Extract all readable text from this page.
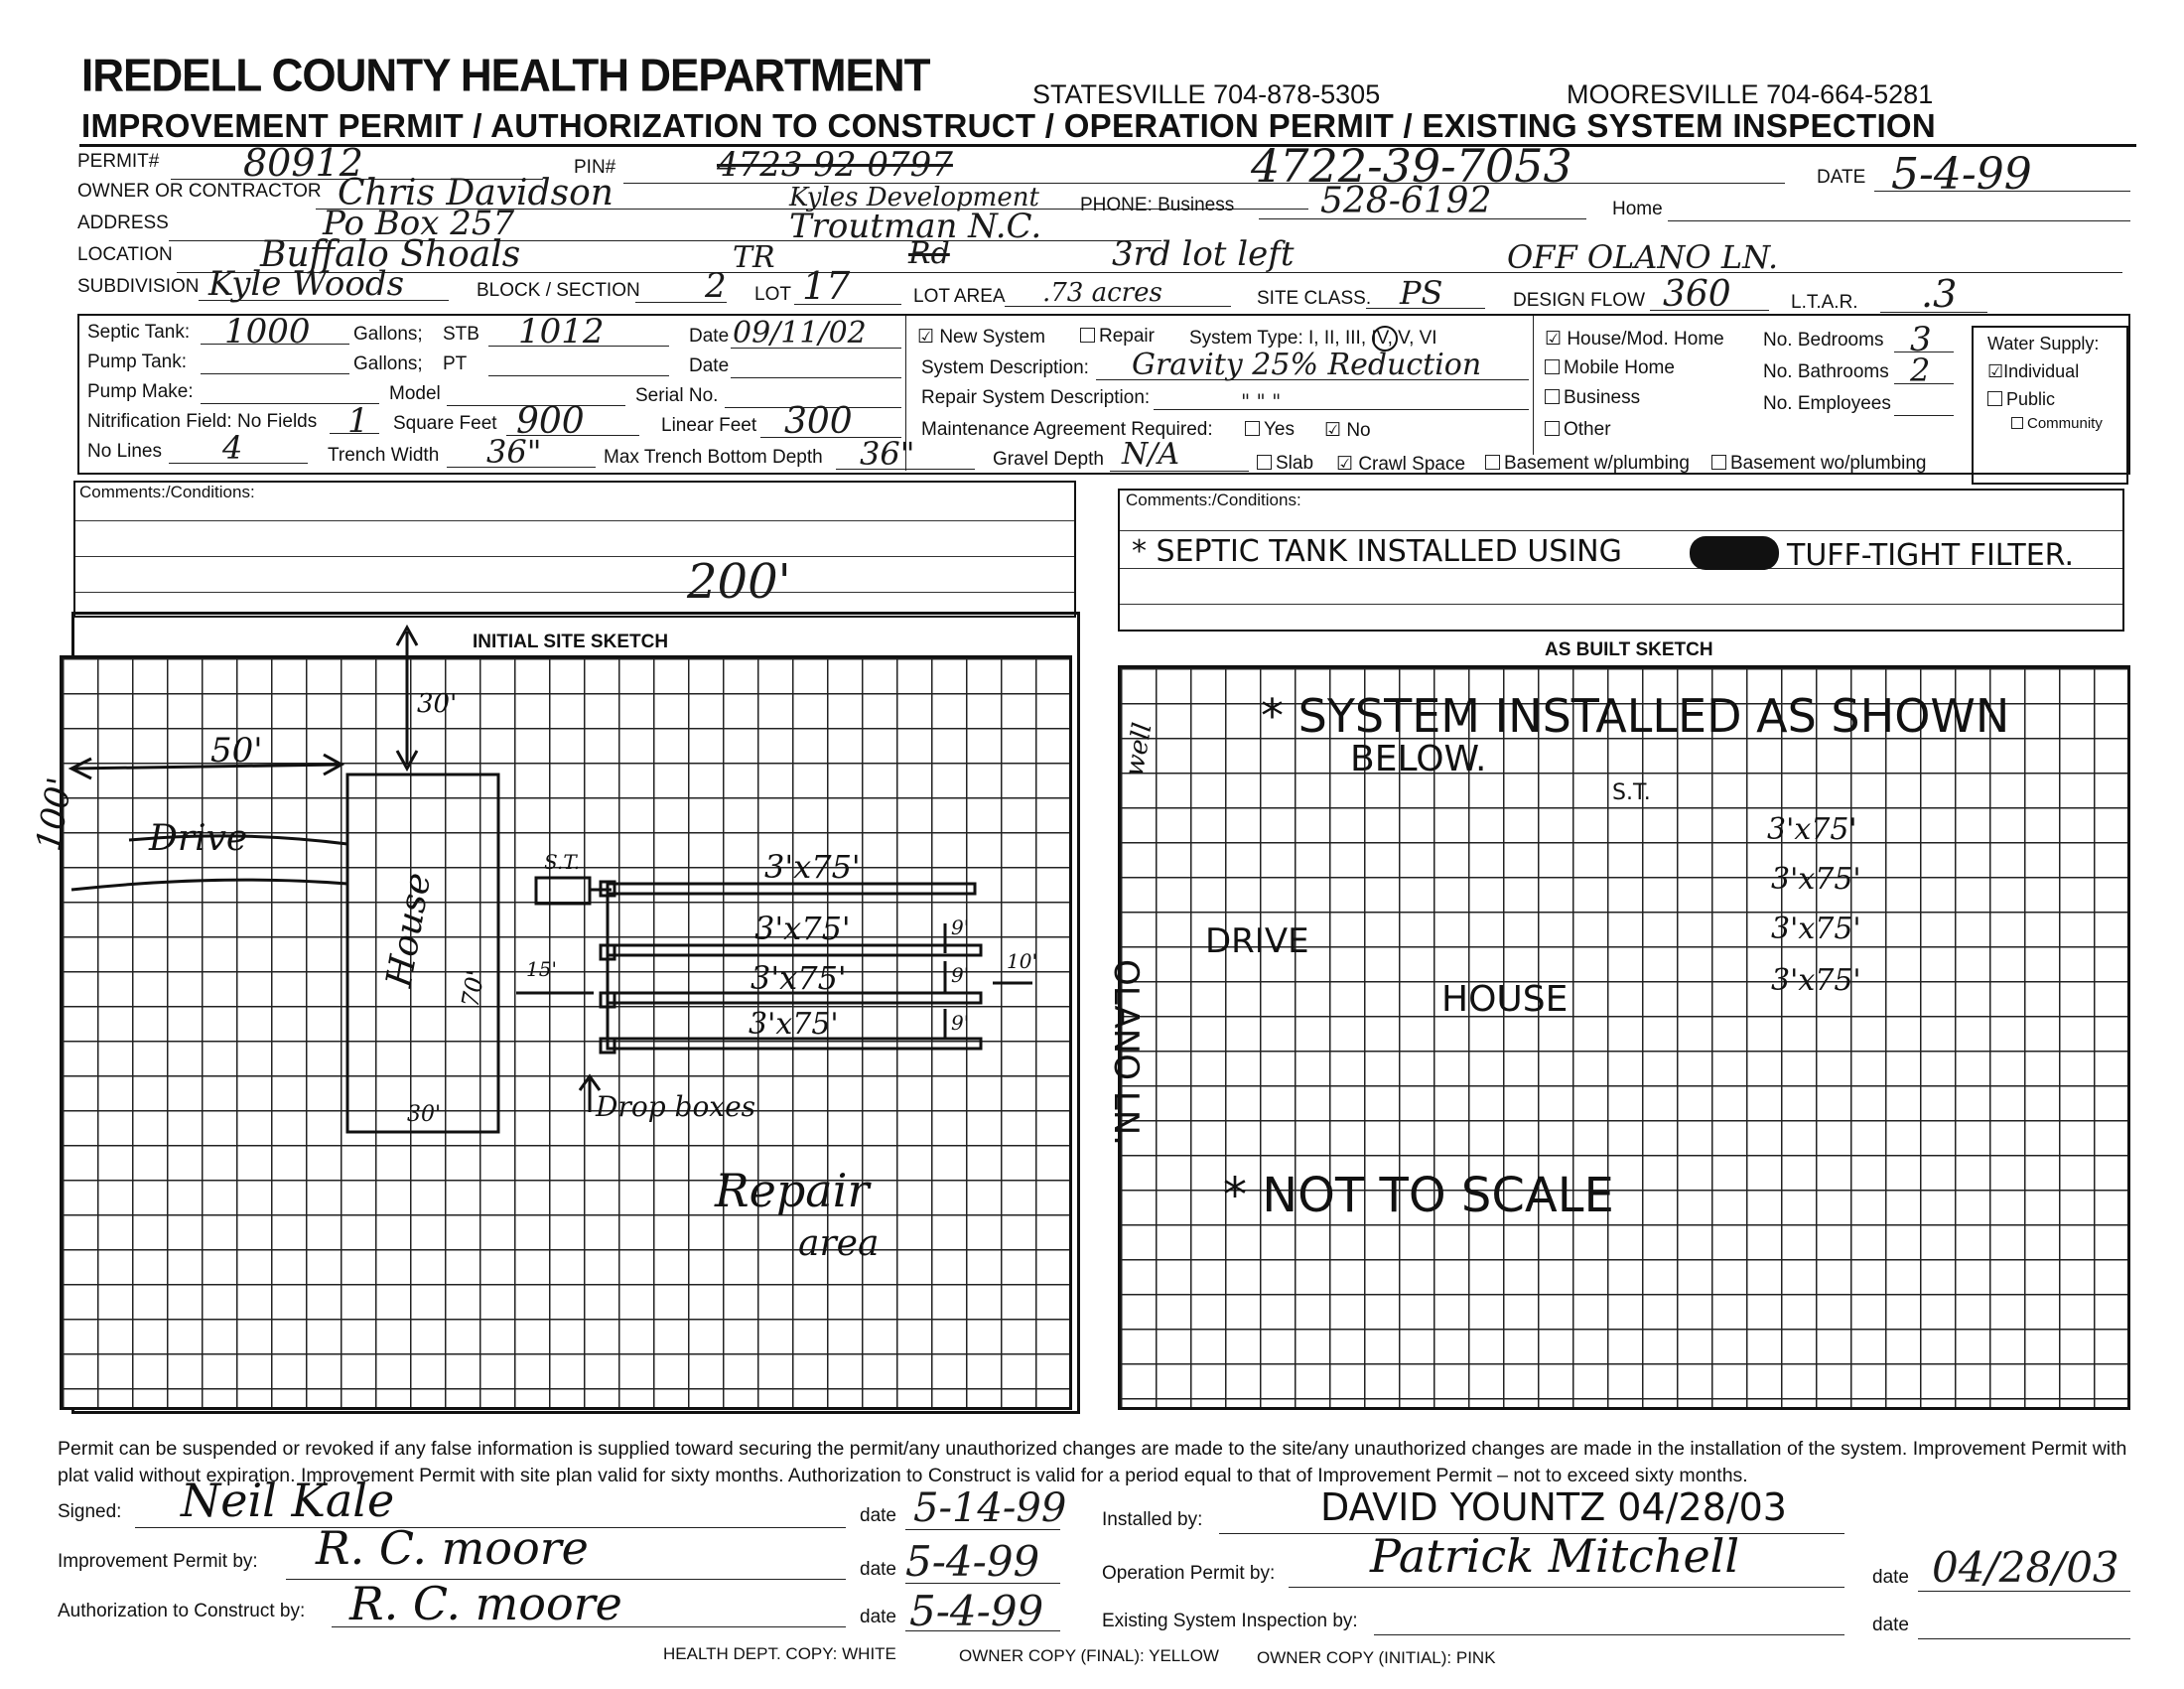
IREDELL COUNTY HEALTH DEPARTMENT	STATESVILLE 704-878-5305	MOORESVILLE 704-664-5281
IMPROVEMENT PERMIT / AUTHORIZATION TO CONSTRUCT / OPERATION PERMIT / EXISTING SYSTEM INSPECTION
PERMIT# 80912	PIN#	4723 92 0797	4722-39-7053	DATE 5-4-99
OWNER OR CONTRACTOR Chris Davidson	Kyles Development PHONE: Business 528-6192	Home
ADDRESS	Po Box 257	Troutman N.C.
LOCATION Buffalo Shoals	TR	Rd	3rd lot left	OFF OLANO LN.
SUBDIVISION Kyle Woods	BLOCK / SECTION 2 LOT 17	LOT AREA .73 acres	SITE CLASS. PS	DESIGN FLOW 360	L.T.A.R. .3
Septic Tank: 1000 Gallons; STB 1012	Date 09/11/02
Pump Tank:	Gallons; PT	Date
Pump Make:	Model	Serial No.
Nitrification Field: No Fields 1 Square Feet 900	Linear Feet 300
No Lines 4	Trench Width 36"	Max Trench Bottom Depth 36"	Gravel Depth N/A
☑ New System	Repair System Type: I, II, III, IV, V, VI
System Description: Gravity 25% Reduction
Repair System Description:	" " "
Maintenance Agreement Required:	Yes ☑ No
Slab ☑ Crawl Space	Basement w/plumbing	Basement wo/plumbing
☑ House/Mod. Home
Mobile Home
Business
Other
No. Bedrooms 3
No. Bathrooms 2
No. Employees
Water Supply:
☑Individual
Public
Community
Comments:/Conditions:
200'
Comments:/Conditions:
* SEPTIC TANK INSTALLED USING	TUFF-TIGHT FILTER.
INITIAL SITE SKETCH
100'
50'
30'
Drive
House 70'
30'
S.T.	3'x75'
3'x75'
3'x75'
3'x75'
9'
9'
9'
10'
15'
Drop boxes
Repair
area
AS BUILT SKETCH
* SYSTEM INSTALLED AS SHOWN
BELOW.
well
S.T.
3'x75'
3'x75'
3'x75'
3'x75'
DRIVE
HOUSE
OLANO LN.
* NOT TO SCALE
Permit can be suspended or revoked if any false information is supplied toward securing the permit/any unauthorized changes are made to the site/any unauthorized changes are made in the installation of the system. Improvement Permit with plat valid without expiration. Improvement Permit with site plan valid for sixty months. Authorization to Construct is valid for a period equal to that of Improvement Permit – not to exceed sixty months.
Signed: Neil Kale	date 5-14-99 Installed by:	DAVID YOUNTZ 04/28/03
Improvement Permit by: R. C. moore	date 5-4-99	Operation Permit by: Patrick Mitchell	date 04/28/03
Authorization to Construct by: R. C. moore	date 5-4-99	Existing System Inspection by:	date
HEALTH DEPT. COPY: WHITE	OWNER COPY (FINAL): YELLOW OWNER COPY (INITIAL): PINK
